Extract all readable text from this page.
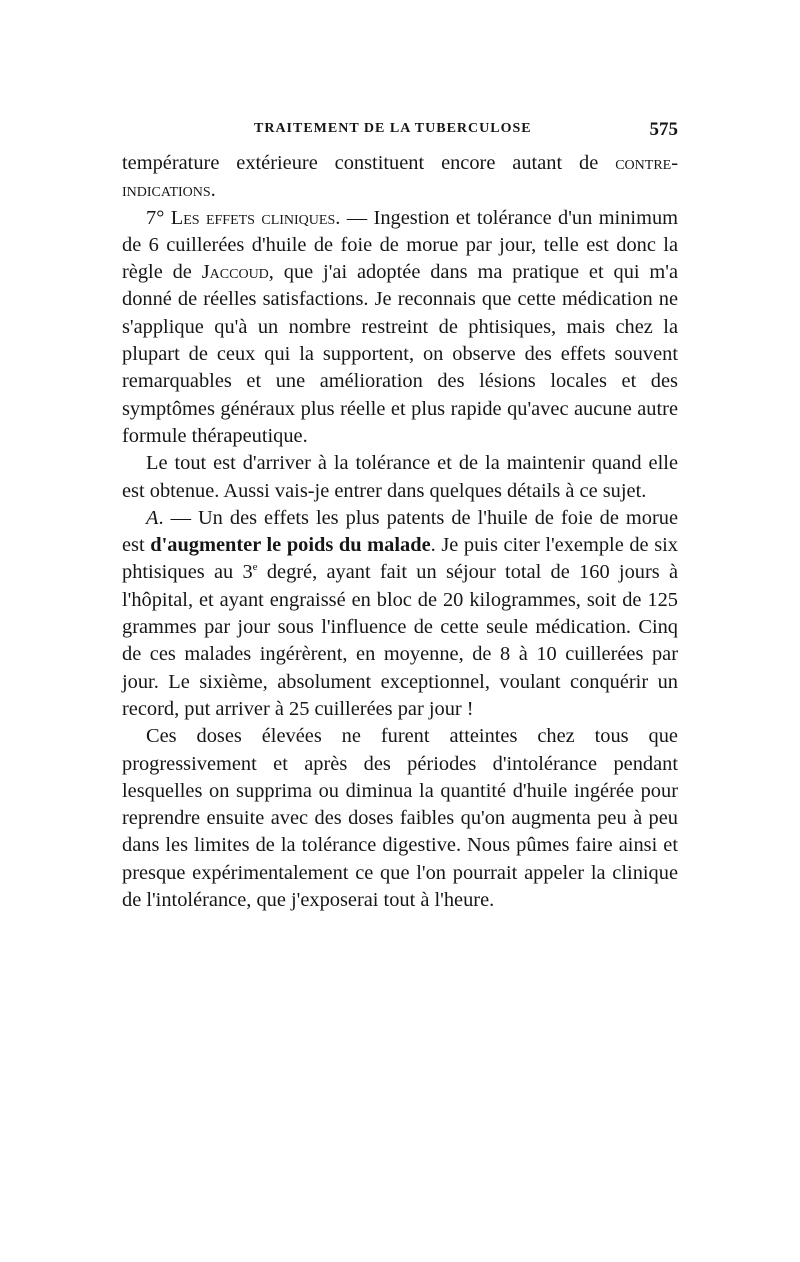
TRAITEMENT DE LA TUBERCULOSE	575

température extérieure constituent encore autant de contre-indications.

7° Les effets cliniques. — Ingestion et tolérance d'un minimum de 6 cuillerées d'huile de foie de morue par jour, telle est donc la règle de Jaccoud, que j'ai adoptée dans ma pratique et qui m'a donné de réelles satisfactions. Je reconnais que cette médication ne s'applique qu'à un nombre restreint de phtisiques, mais chez la plupart de ceux qui la supportent, on observe des effets souvent remarquables et une amélioration des lésions locales et des symptômes généraux plus réelle et plus rapide qu'avec aucune autre formule thérapeutique.

Le tout est d'arriver à la tolérance et de la maintenir quand elle est obtenue. Aussi vais-je entrer dans quelques détails à ce sujet.

A. — Un des effets les plus patents de l'huile de foie de morue est d'augmenter le poids du malade. Je puis citer l'exemple de six phtisiques au 3e degré, ayant fait un séjour total de 160 jours à l'hôpital, et ayant engraissé en bloc de 20 kilogrammes, soit de 125 grammes par jour sous l'influence de cette seule médication. Cinq de ces malades ingérèrent, en moyenne, de 8 à 10 cuillerées par jour. Le sixième, absolument exceptionnel, voulant conquérir un record, put arriver à 25 cuillerées par jour !

Ces doses élevées ne furent atteintes chez tous que progressivement et après des périodes d'intolérance pendant lesquelles on supprima ou diminua la quantité d'huile ingérée pour reprendre ensuite avec des doses faibles qu'on augmenta peu à peu dans les limites de la tolérance digestive. Nous pûmes faire ainsi et presque expérimentalement ce que l'on pourrait appeler la clinique de l'intolérance, que j'exposerai tout à l'heure.
